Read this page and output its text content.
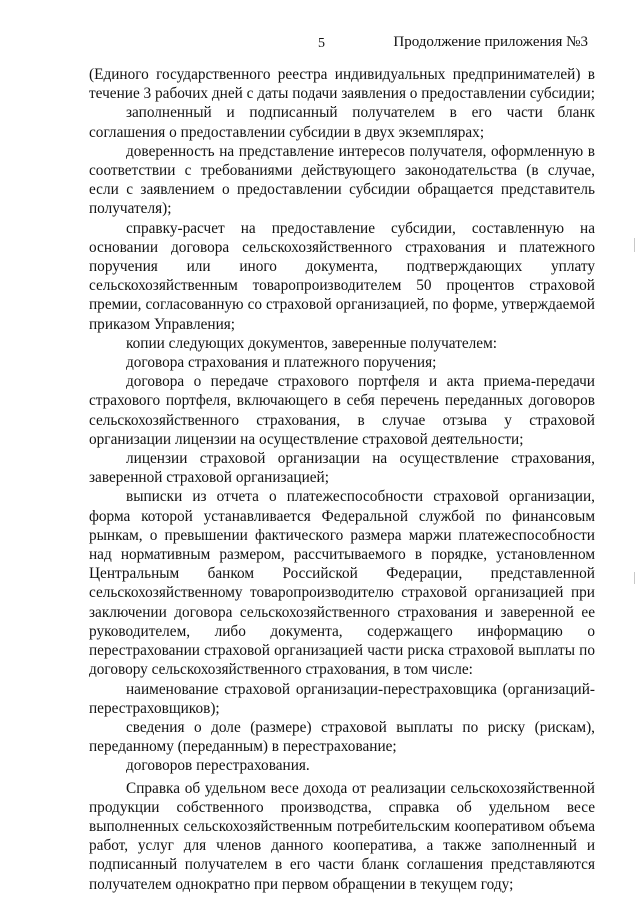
5	Продолжение приложения №3

(Единого государственного реестра индивидуальных предпринимателей) в течение 3 рабочих дней с даты подачи заявления о предоставлении субсидии;

заполненный и подписанный получателем в его части бланк соглашения о предоставлении субсидии в двух экземплярах;

доверенность на представление интересов получателя, оформленную в соответствии с требованиями действующего законодательства (в случае, если с заявлением о предоставлении субсидии обращается представитель получателя);

справку-расчет на предоставление субсидии, составленную на основании договора сельскохозяйственного страхования и платежного поручения или иного документа, подтверждающих уплату сельскохозяйственным товаропроизводителем 50 процентов страховой премии, согласованную со страховой организацией, по форме, утверждаемой приказом Управления;

копии следующих документов, заверенные получателем:

договора страхования и платежного поручения;

договора о передаче страхового портфеля и акта приема-передачи страхового портфеля, включающего в себя перечень переданных договоров сельскохозяйственного страхования, в случае отзыва у страховой организации лицензии на осуществление страховой деятельности;

лицензии страховой организации на осуществление страхования, заверенной страховой организацией;

выписки из отчета о платежеспособности страховой организации, форма которой устанавливается Федеральной службой по финансовым рынкам, о превышении фактического размера маржи платежеспособности над нормативным размером, рассчитываемого в порядке, установленном Центральным банком Российской Федерации, представленной сельскохозяйственному товаропроизводителю страховой организацией при заключении договора сельскохозяйственного страхования и заверенной ее руководителем, либо документа, содержащего информацию о перестраховании страховой организацией части риска страховой выплаты по договору сельскохозяйственного страхования, в том числе:

наименование страховой организации-перестраховщика (организаций-перестраховщиков);

сведения о доле (размере) страховой выплаты по риску (рискам), переданному (переданным) в перестрахование;

договоров перестрахования.

Справка об удельном весе дохода от реализации сельскохозяйственной продукции собственного производства, справка об удельном весе выполненных сельскохозяйственным потребительским кооперативом объема работ, услуг для членов данного кооператива, а также заполненный и подписанный получателем в его части бланк соглашения представляются получателем однократно при первом обращении в текущем году;
